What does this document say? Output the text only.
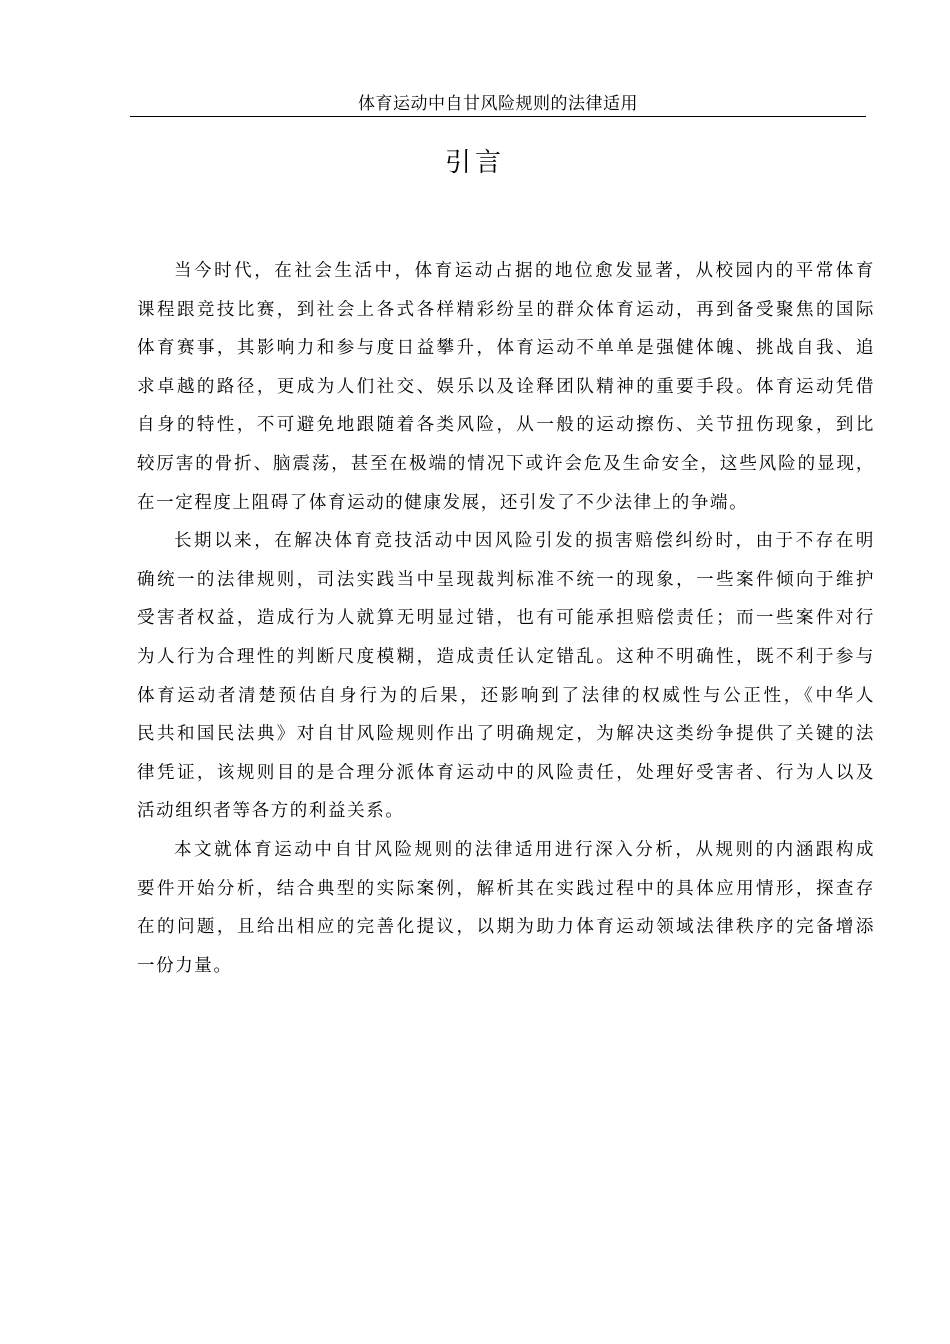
体育运动中自甘风险规则的法律适用
引言
当今时代，在社会生活中，体育运动占据的地位愈发显著，从校园内的平常体育
课程跟竞技比赛，到社会上各式各样精彩纷呈的群众体育运动，再到备受聚焦的国际
体育赛事，其影响力和参与度日益攀升，体育运动不单单是强健体魄、挑战自我、追
求卓越的路径，更成为人们社交、娱乐以及诠释团队精神的重要手段。体育运动凭借
自身的特性，不可避免地跟随着各类风险，从一般的运动擦伤、关节扭伤现象，到比
较厉害的骨折、脑震荡，甚至在极端的情况下或许会危及生命安全，这些风险的显现，
在一定程度上阻碍了体育运动的健康发展，还引发了不少法律上的争端。
长期以来，在解决体育竞技活动中因风险引发的损害赔偿纠纷时，由于不存在明
确统一的法律规则，司法实践当中呈现裁判标准不统一的现象，一些案件倾向于维护
受害者权益，造成行为人就算无明显过错，也有可能承担赔偿责任；而一些案件对行
为人行为合理性的判断尺度模糊，造成责任认定错乱。这种不明确性，既不利于参与
体育运动者清楚预估自身行为的后果，还影响到了法律的权威性与公正性，《中华人
民共和国民法典》对自甘风险规则作出了明确规定，为解决这类纷争提供了关键的法
律凭证，该规则目的是合理分派体育运动中的风险责任，处理好受害者、行为人以及
活动组织者等各方的利益关系。
本文就体育运动中自甘风险规则的法律适用进行深入分析，从规则的内涵跟构成
要件开始分析，结合典型的实际案例，解析其在实践过程中的具体应用情形，探查存
在的问题，且给出相应的完善化提议，以期为助力体育运动领域法律秩序的完备增添
一份力量。
